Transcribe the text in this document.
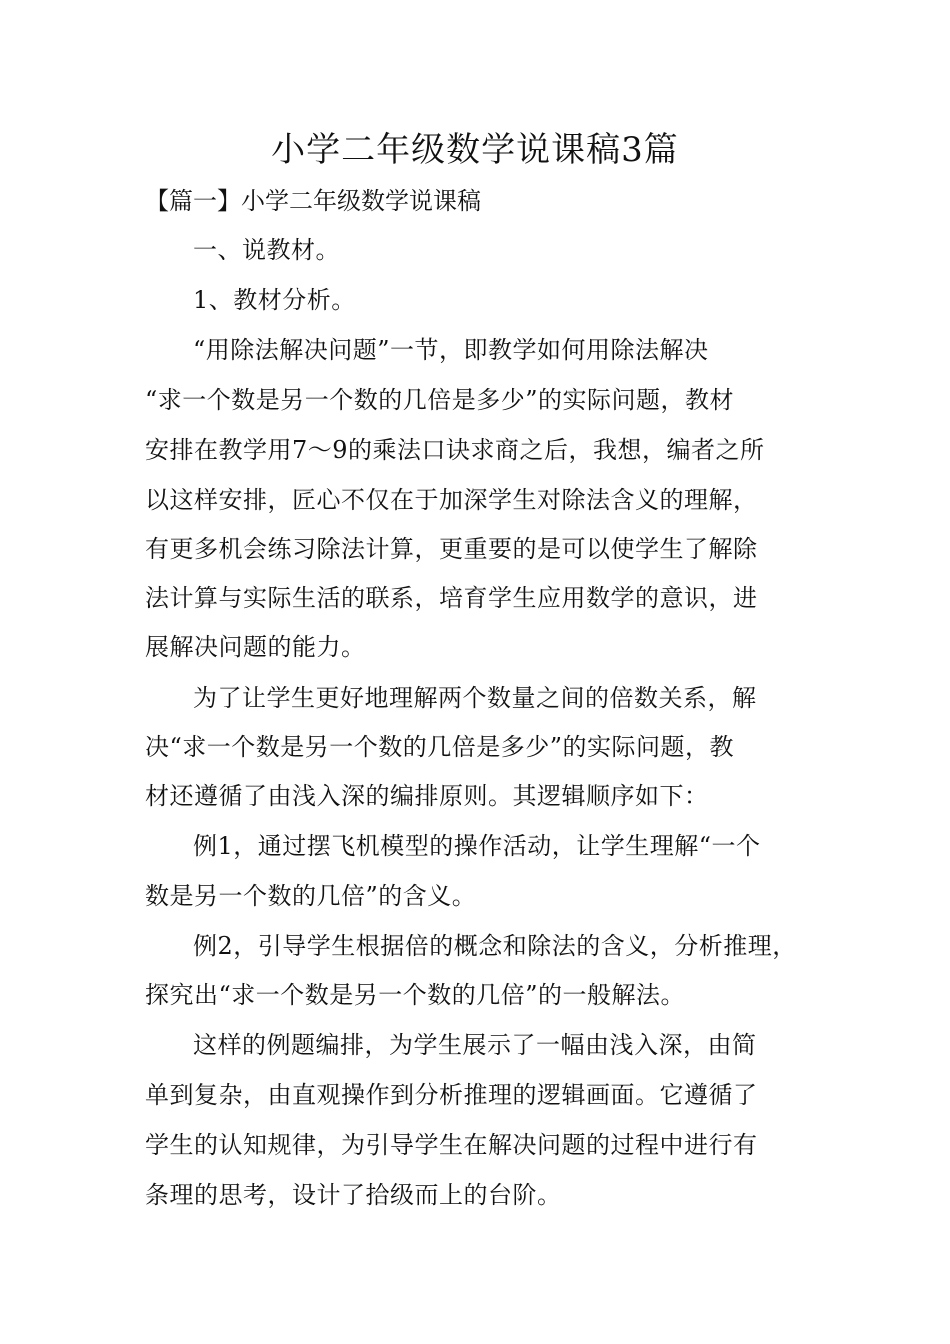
小学二年级数学说课稿3篇
【篇一】小学二年级数学说课稿
一、说教材。
1、教材分析。
“用除法解决问题”一节，即教学如何用除法解决
“求一个数是另一个数的几倍是多少”的实际问题，教材
安排在教学用7～9的乘法口诀求商之后，我想，编者之所
以这样安排，匠心不仅在于加深学生对除法含义的理解，
有更多机会练习除法计算，更重要的是可以使学生了解除
法计算与实际生活的联系，培育学生应用数学的意识，进
展解决问题的能力。
为了让学生更好地理解两个数量之间的倍数关系，解
决“求一个数是另一个数的几倍是多少”的实际问题，教
材还遵循了由浅入深的编排原则。其逻辑顺序如下：
例1，通过摆飞机模型的操作活动，让学生理解“一个
数是另一个数的几倍”的含义。
例2，引导学生根据倍的概念和除法的含义，分析推理，
探究出“求一个数是另一个数的几倍”的一般解法。
这样的例题编排，为学生展示了一幅由浅入深，由简
单到复杂，由直观操作到分析推理的逻辑画面。它遵循了
学生的认知规律，为引导学生在解决问题的过程中进行有
条理的思考，设计了拾级而上的台阶。
